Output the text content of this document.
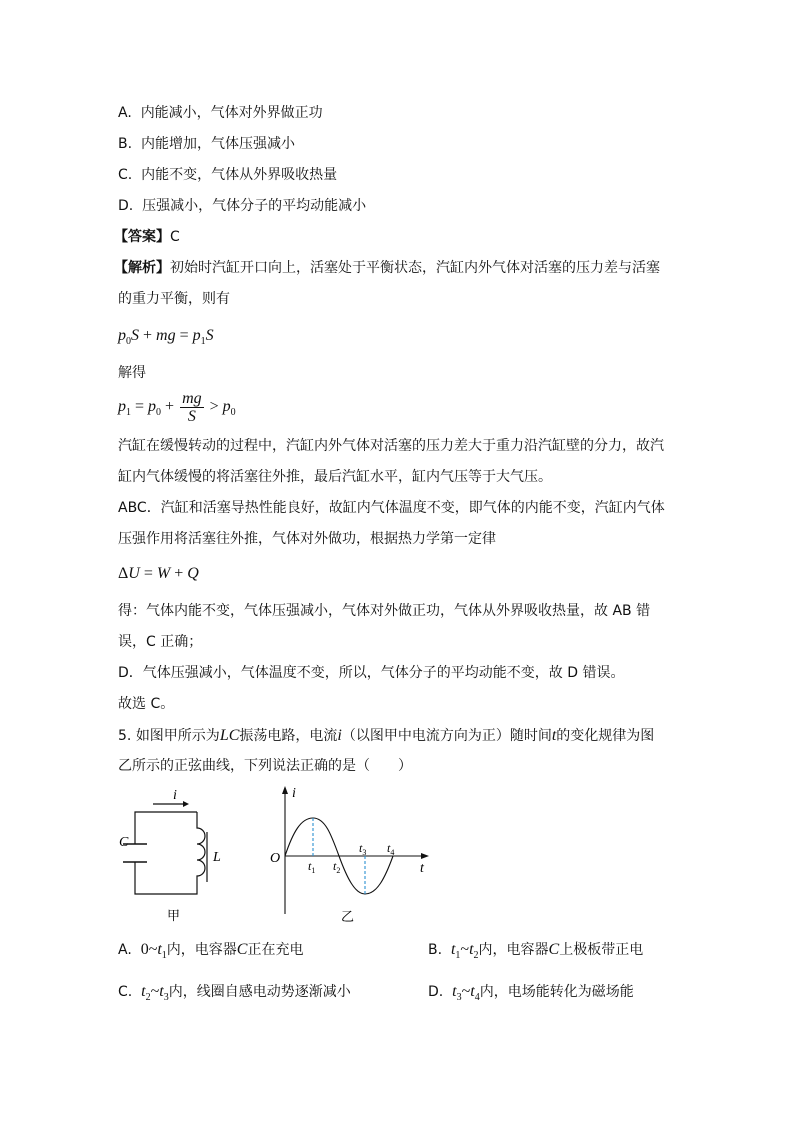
A. 内能减小，气体对外界做正功
B. 内能增加，气体压强减小
C. 内能不变，气体从外界吸收热量
D. 压强减小，气体分子的平均动能减小
【答案】C
【解析】初始时汽缸开口向上，活塞处于平衡状态，汽缸内外气体对活塞的压力差与活塞
的重力平衡，则有
$p_0S$ + mg = $p_1S$
解得
$p_1 = p_0 + \frac{mg}{S} > p_0$
汽缸在缓慢转动的过程中，汽缸内外气体对活塞的压力差大于重力沿汽缸壁的分力，故汽
缸内气体缓慢的将活塞往外推，最后汽缸水平，缸内气压等于大气压。
ABC．汽缸和活塞导热性能良好，故缸内气体温度不变，即气体的内能不变，汽缸内气体
压强作用将活塞往外推，气体对外做功，根据热力学第一定律
ΔU = W + Q
得：气体内能不变，气体压强减小，气体对外做正功，气体从外界吸收热量，故 AB 错
误，C 正确；
D．气体压强减小，气体温度不变，所以，气体分子的平均动能不变，故 D 错误。
故选 C。
5. 如图甲所示为LC振荡电路，电流i（以图甲中电流方向为正）随时间t的变化规律为图
乙所示的正弦曲线，下列说法正确的是（　　）
i
C
L
甲
i
t
O $t_1$ $t_2$
$t_3$ $t_4$
乙
A. $0\sim t_1$内，电容器C正在充电	B. $t_1\sim t_2$内，电容器C上极板带正电
C. $t_2\sim t_3$内，线圈自感电动势逐渐减小	D. $t_3\sim t_4$内，电场能转化为磁场能
